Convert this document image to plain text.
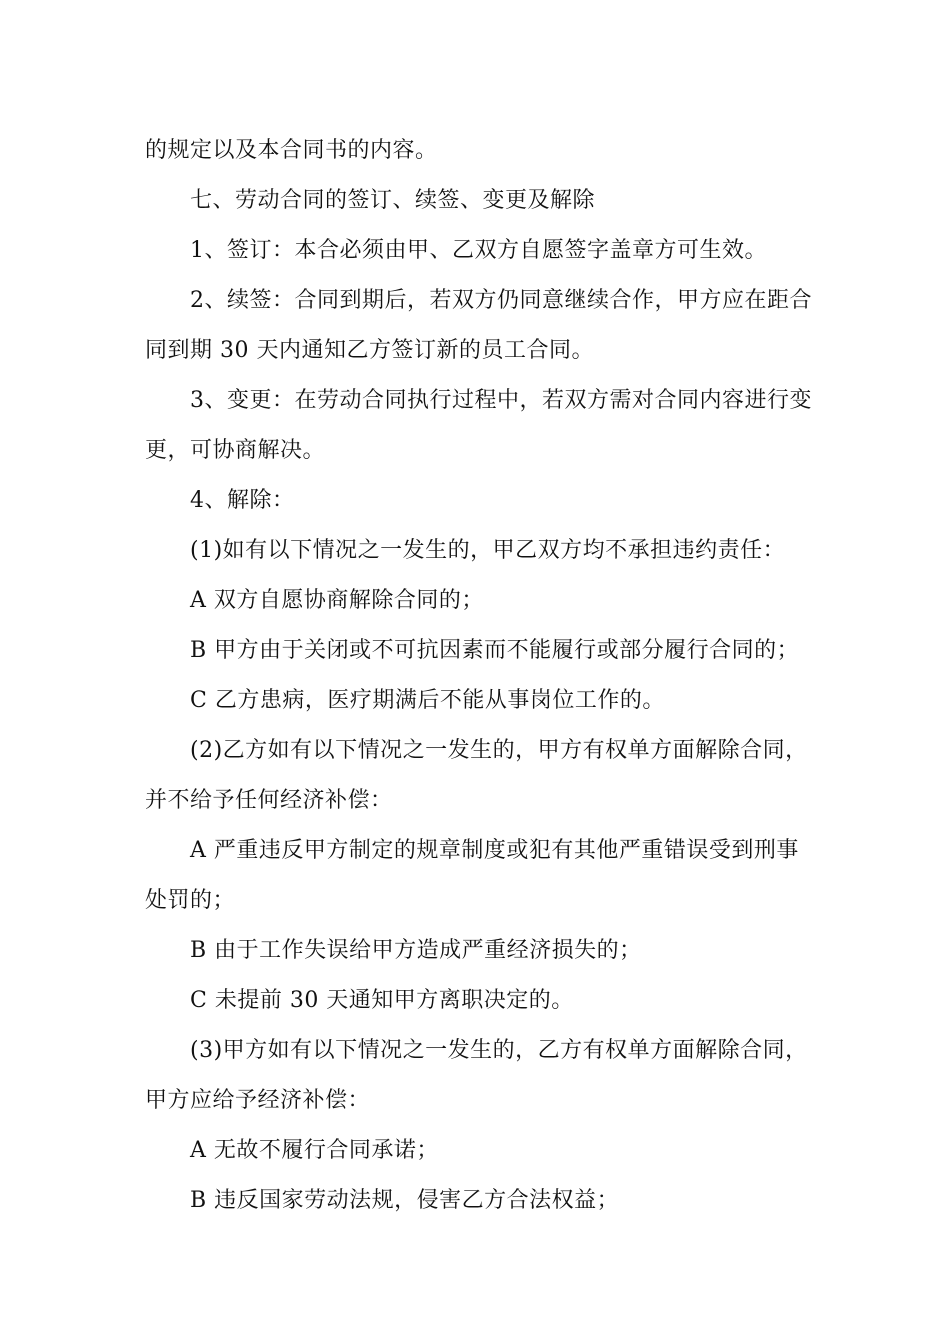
的规定以及本合同书的内容。
七、劳动合同的签订、续签、变更及解除
1、签订：本合必须由甲、乙双方自愿签字盖章方可生效。
2、续签：合同到期后，若双方仍同意继续合作，甲方应在距合
同到期 30 天内通知乙方签订新的员工合同。
3、变更：在劳动合同执行过程中，若双方需对合同内容进行变
更，可协商解决。
4、解除：
(1)如有以下情况之一发生的，甲乙双方均不承担违约责任：
A 双方自愿协商解除合同的；
B 甲方由于关闭或不可抗因素而不能履行或部分履行合同的；
C 乙方患病，医疗期满后不能从事岗位工作的。
(2)乙方如有以下情况之一发生的，甲方有权单方面解除合同，
并不给予任何经济补偿：
A 严重违反甲方制定的规章制度或犯有其他严重错误受到刑事
处罚的；
B 由于工作失误给甲方造成严重经济损失的；
C 未提前 30 天通知甲方离职决定的。
(3)甲方如有以下情况之一发生的，乙方有权单方面解除合同，
甲方应给予经济补偿：
A 无故不履行合同承诺；
B 违反国家劳动法规，侵害乙方合法权益；
